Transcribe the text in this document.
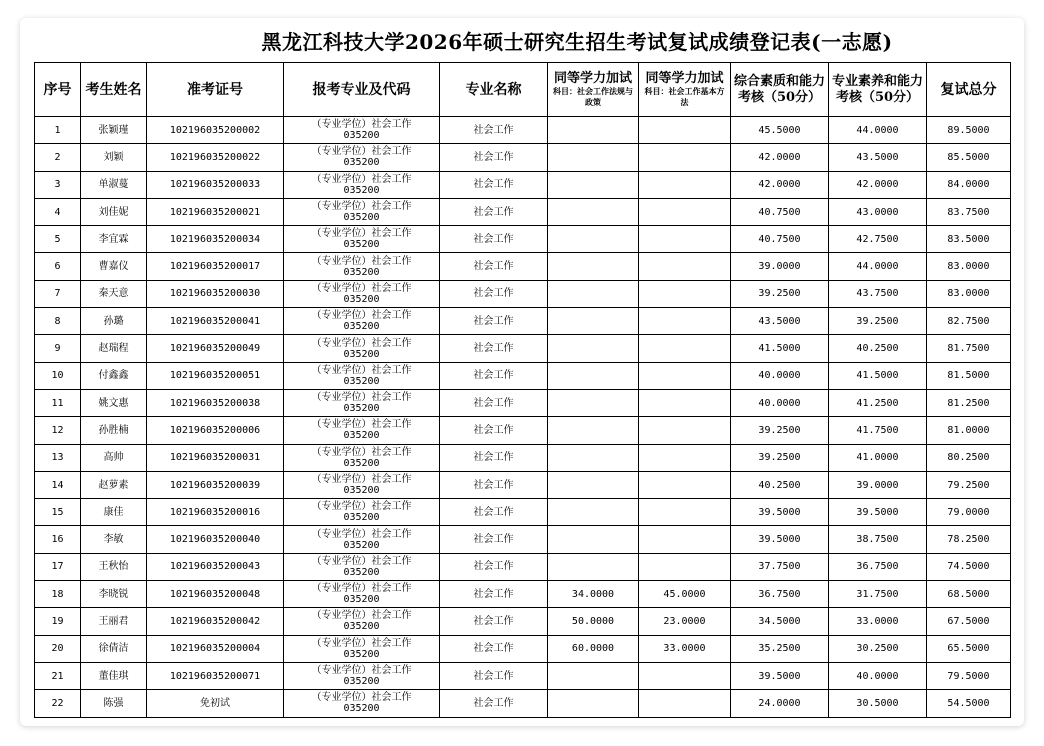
黑龙江科技大学2026年硕士研究生招生考试复试成绩登记表(一志愿)
序号	考生姓名	准考证号	报考专业及代码	专业名称	同等学力加试
科目：社会工作法规与政策	同等学力加试
科目：社会工作基本方法	综合素质和能力考核（50分）	专业素养和能力考核（50分）	复试总分
1	张颖瑾	102196035200002	（专业学位）社会工作
035200	社会工作			45.5000	44.0000	89.5000
2	刘颖	102196035200022	（专业学位）社会工作
035200	社会工作			42.0000	43.5000	85.5000
3	单淑蔓	102196035200033	（专业学位）社会工作
035200	社会工作			42.0000	42.0000	84.0000
4	刘佳妮	102196035200021	（专业学位）社会工作
035200	社会工作			40.7500	43.0000	83.7500
5	李宜霖	102196035200034	（专业学位）社会工作
035200	社会工作			40.7500	42.7500	83.5000
6	曹嘉仪	102196035200017	（专业学位）社会工作
035200	社会工作			39.0000	44.0000	83.0000
7	秦天意	102196035200030	（专业学位）社会工作
035200	社会工作			39.2500	43.7500	83.0000
8	孙璐	102196035200041	（专业学位）社会工作
035200	社会工作			43.5000	39.2500	82.7500
9	赵瑞程	102196035200049	（专业学位）社会工作
035200	社会工作			41.5000	40.2500	81.7500
10	付鑫鑫	102196035200051	（专业学位）社会工作
035200	社会工作			40.0000	41.5000	81.5000
11	姚文惠	102196035200038	（专业学位）社会工作
035200	社会工作			40.0000	41.2500	81.2500
12	孙胜楠	102196035200006	（专业学位）社会工作
035200	社会工作			39.2500	41.7500	81.0000
13	高帅	102196035200031	（专业学位）社会工作
035200	社会工作			39.2500	41.0000	80.2500
14	赵萝素	102196035200039	（专业学位）社会工作
035200	社会工作			40.2500	39.0000	79.2500
15	康佳	102196035200016	（专业学位）社会工作
035200	社会工作			39.5000	39.5000	79.0000
16	李敏	102196035200040	（专业学位）社会工作
035200	社会工作			39.5000	38.7500	78.2500
17	王秋怡	102196035200043	（专业学位）社会工作
035200	社会工作			37.7500	36.7500	74.5000
18	李晓锐	102196035200048	（专业学位）社会工作
035200	社会工作	34.0000	45.0000	36.7500	31.7500	68.5000
19	王丽君	102196035200042	（专业学位）社会工作
035200	社会工作	50.0000	23.0000	34.5000	33.0000	67.5000
20	徐倩洁	102196035200004	（专业学位）社会工作
035200	社会工作	60.0000	33.0000	35.2500	30.2500	65.5000
21	董佳琪	102196035200071	（专业学位）社会工作
035200	社会工作			39.5000	40.0000	79.5000
22	陈强	免初试	（专业学位）社会工作
035200	社会工作			24.0000	30.5000	54.5000
